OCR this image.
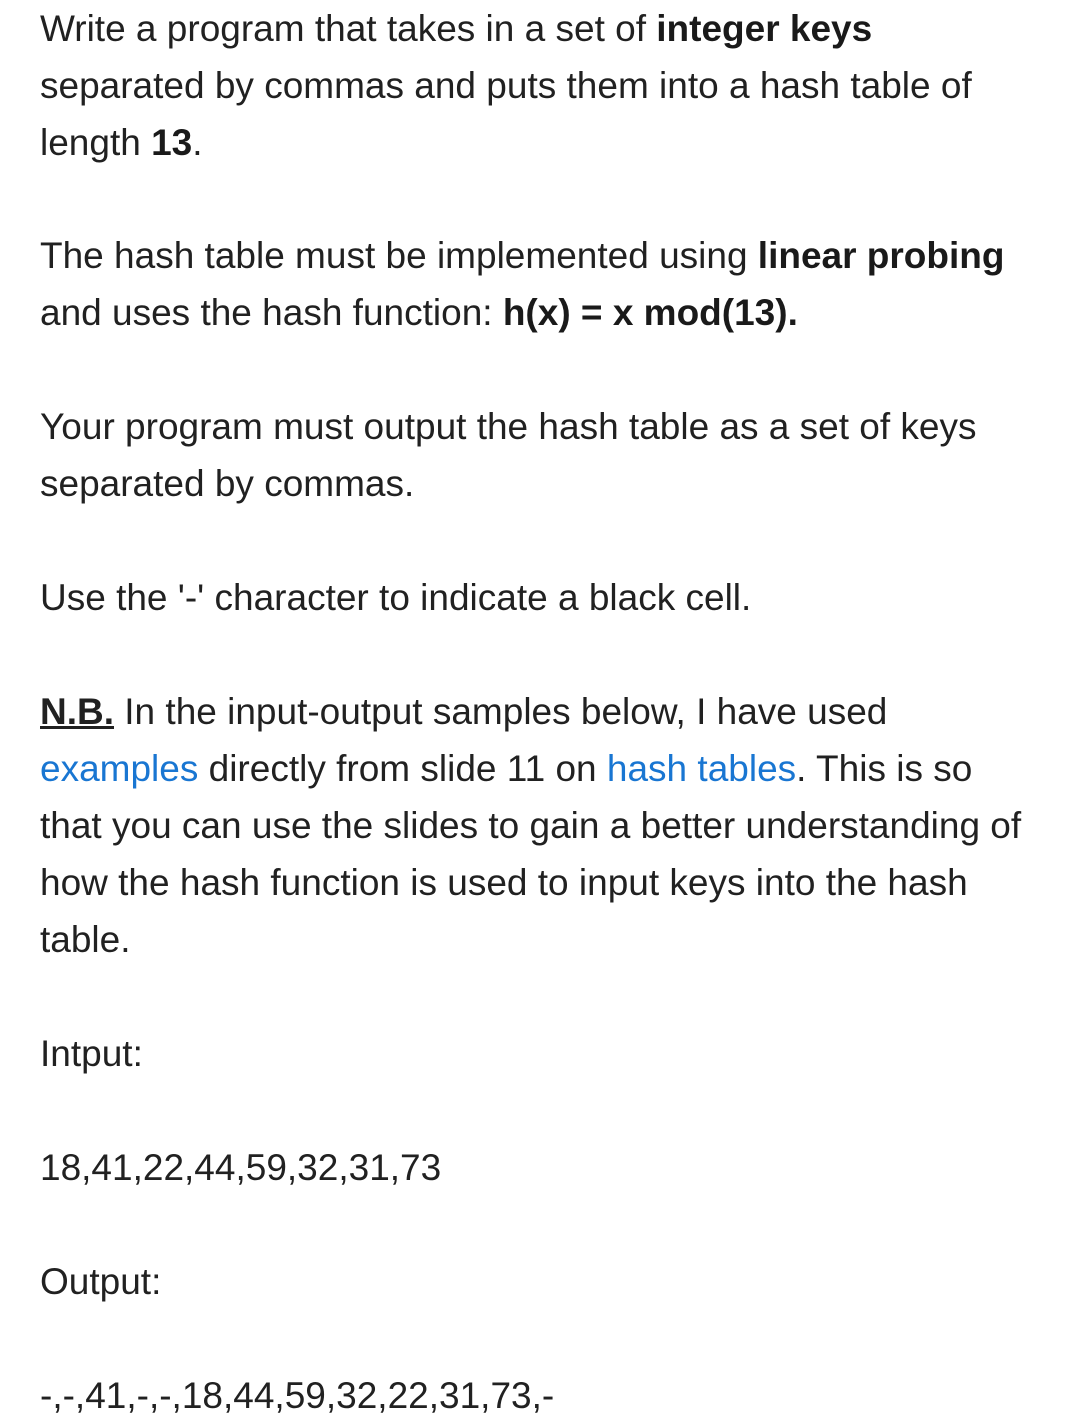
Write a program that takes in a set of integer keys separated by commas and puts them into a hash table of length 13.

The hash table must be implemented using linear probing and uses the hash function: h(x) = x mod(13).

Your program must output the hash table as a set of keys separated by commas.

Use the '-' character to indicate a black cell.

N.B. In the input-output samples below, I have used examples directly from slide 11 on hash tables. This is so that you can use the slides to gain a better understanding of how the hash function is used to input keys into the hash table.

Intput:

18,41,22,44,59,32,31,73

Output:

-,-,41,-,-,18,44,59,32,22,31,73,-
